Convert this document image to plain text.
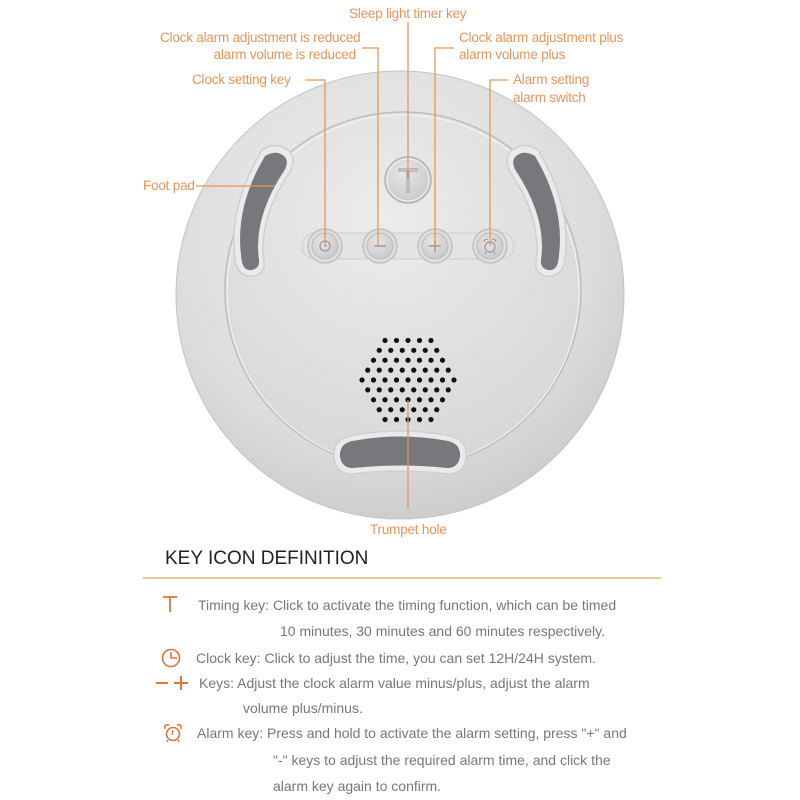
Sleep light timer key
Clock alarm adjustment is reduced
alarm volume is reduced
Clock alarm adjustment plus
alarm volume plus
Clock setting key	Alarm setting
alarm switch
Foot pad
Trumpet hole
KEY ICON DEFINITION
Timing key: Click to activate the timing function, which can be timed
10 minutes, 30 minutes and 60 minutes respectively.
Clock key: Click to adjust the time, you can set 12H/24H system.
Keys: Adjust the clock alarm value minus/plus, adjust the alarm
volume plus/minus.
Alarm key: Press and hold to activate the alarm setting, press "+" and
"-" keys to adjust the required alarm time, and click the
alarm key again to confirm.
